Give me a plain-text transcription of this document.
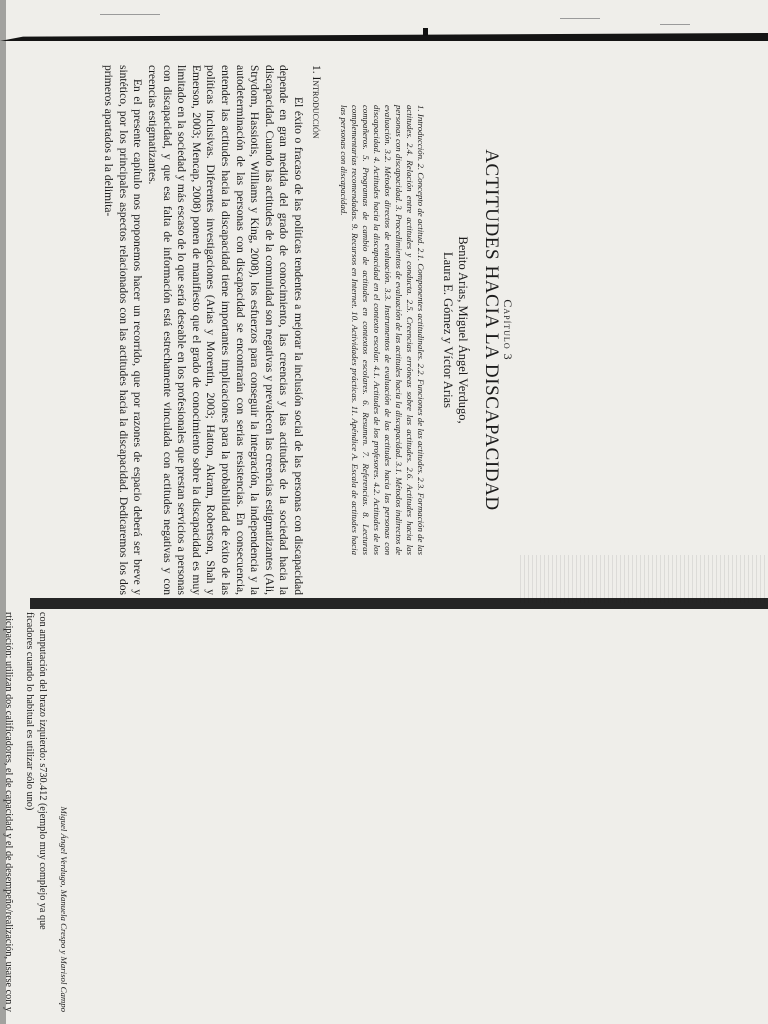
Capítulo 3
ACTITUDES HACIA LA DISCAPACIDAD
Benito Arias, Miguel Ángel Verdugo,
Laura E. Gómez y Víctor Arias

1. Introducción. 2. Concepto de actitud. 2.1. Componentes actitudinales. 2.2. Funciones de las actitudes. 2.3. Formación de las actitudes. 2.4. Relación entre actitudes y conducta. 2.5. Creencias erróneas sobre las actitudes. 2.6. Actitudes hacia las personas con discapacidad. 3. Procedimientos de evaluación de las actitudes hacia la discapacidad. 3.1. Métodos indirectos de evaluación. 3.2. Métodos directos de evaluación. 3.3. Instrumentos de evaluación de las actitudes hacia las personas con discapacidad. 4. Actitudes hacia la discapacidad en el contexto escolar. 4.1. Actitudes de los profesores. 4.2. Actitudes de los compañeros. 5. Programas de cambio de actitudes en contextos escolares. 6. Resumen. 7. Referencias. 8. Lecturas complementarias recomendadas. 9. Recursos en Internet. 10. Actividades prácticas. 11. Apéndice A. Escala de actitudes hacia las personas con discapacidad.

1. Introducción

El éxito o fracaso de las políticas tendentes a mejorar la inclusión social de las personas con discapacidad depende en gran medida del grado de conocimiento, las creencias y las actitudes de la sociedad hacia la discapacidad. Cuando las actitudes de la comunidad son negativas y prevalecen las creencias estigmatizantes (Ali, Strydom, Hassiotis, Williams y King, 2008), los esfuerzos para conseguir la integración, la independencia y la autodeterminación de las personas con discapacidad se encontrarán con serias resistencias. En consecuencia, entender las actitudes hacia la discapacidad tiene importantes implicaciones para la probabilidad de éxito de las políticas inclusivas. Diferentes investigaciones (Arias y Morentin, 2003; Hatton, Akram, Robertson, Shah y Emerson, 2003; Mencap, 2008) ponen de manifiesto que el grado de conocimiento sobre la discapacidad es muy limitado en la sociedad y más escaso de lo que sería deseable en los profesionales que prestan servicios a personas con discapacidad, y que esa falta de información está estrechamente vinculada con actitudes negativas y con creencias estigmatizantes.

En el presente capítulo nos proponemos hacer un recorrido, que por razones de espacio deberá ser breve y sintético, por los principales aspectos relacionados con las actitudes hacia la discapacidad. Dedicaremos los dos primeros apartados a la delimita-

Miguel Ángel Verdugo, Manuela Crespo y Marisol Campo

con amputación del brazo izquierdo: s730.412 (ejemplo muy complejo ya que

ficadores cuando lo habitual es utilizar sólo uno)

rticipación: utilizan dos calificadores, el de capacidad y el de desempeño/realización, usarse con y
